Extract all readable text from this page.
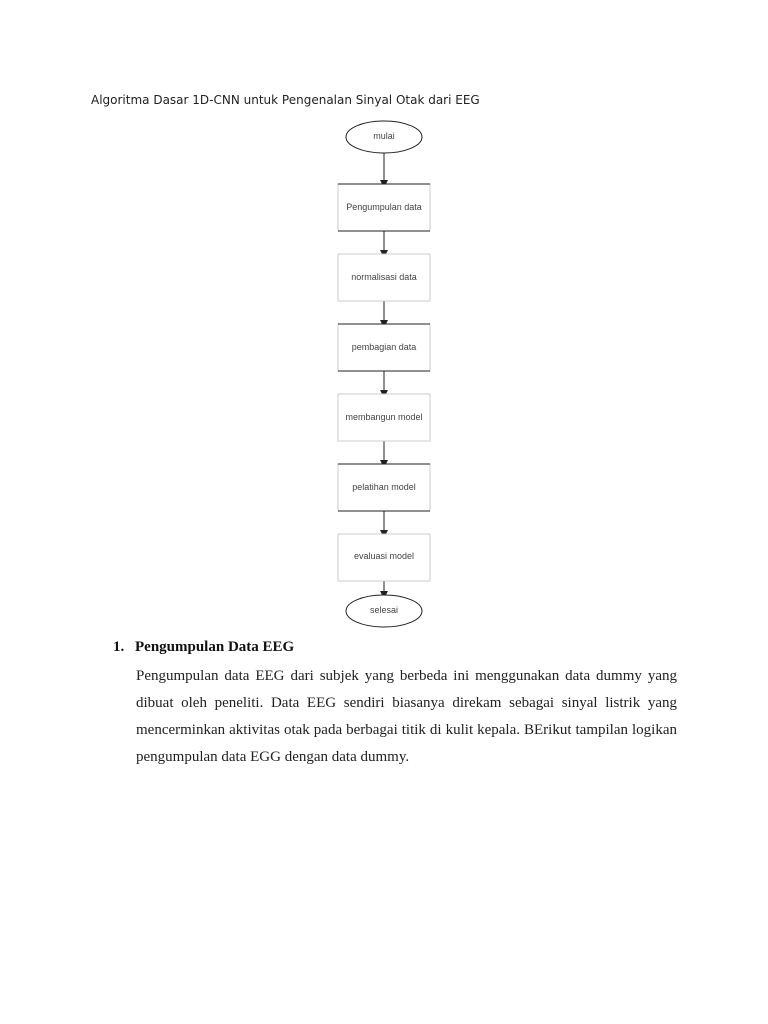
Algoritma Dasar 1D-CNN untuk Pengenalan Sinyal Otak dari EEG
mulai
Pengumpulan data
normalisasi data
pembagian data
membangun model
pelatihan model
evaluasi model
selesai
1. Pengumpulan Data EEG
Pengumpulan data EEG dari subjek yang berbeda ini menggunakan data dummy yang dibuat oleh peneliti. Data EEG sendiri biasanya direkam sebagai sinyal listrik yang mencerminkan aktivitas otak pada berbagai titik di kulit kepala. BErikut tampilan logikan pengumpulan data EGG dengan data dummy.
